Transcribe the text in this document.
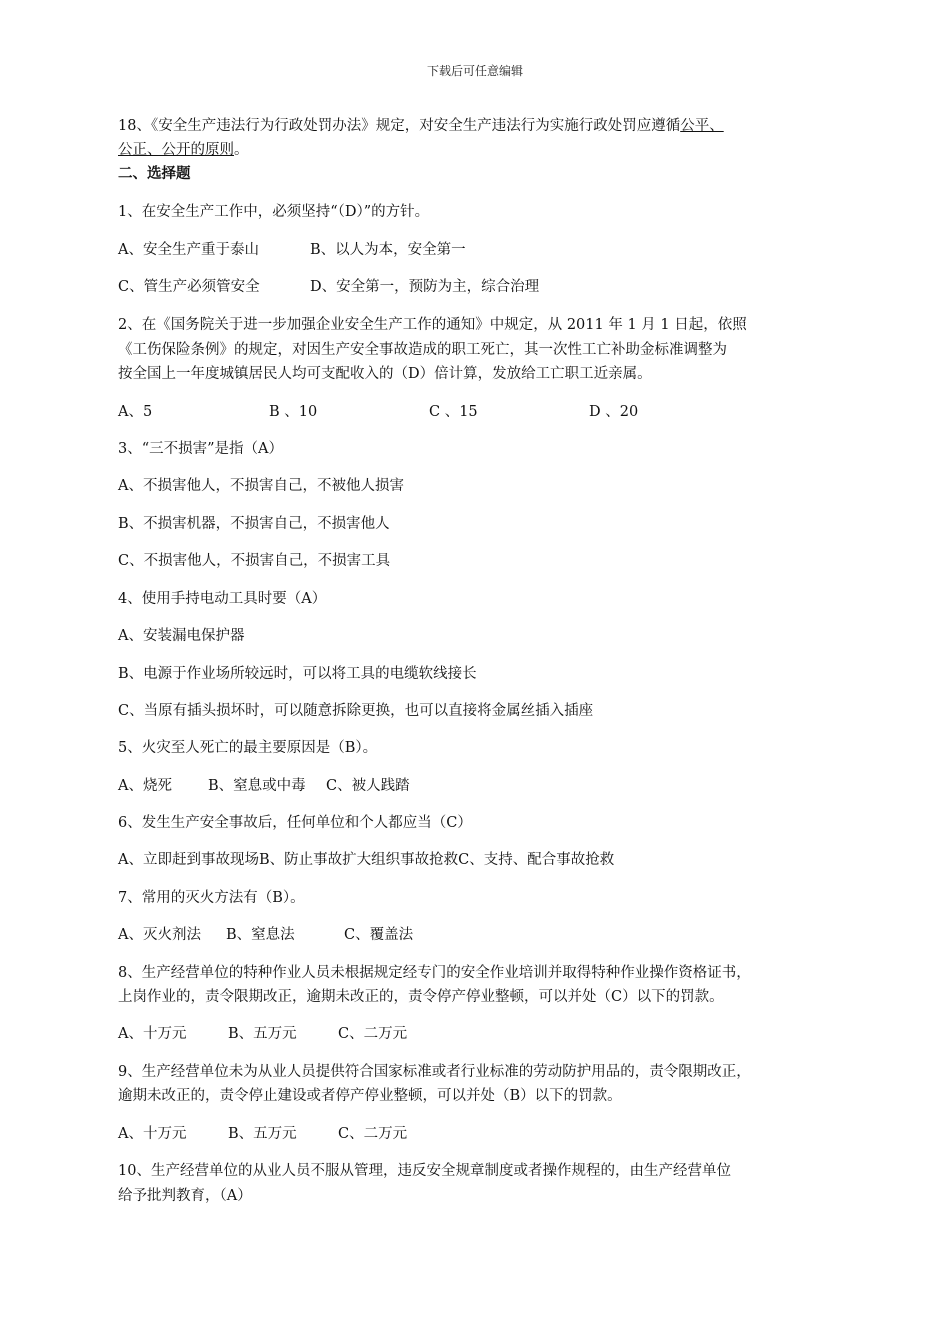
下载后可任意编辑
18、《安全生产违法行为行政处罚办法》规定，对安全生产违法行为实施行政处罚应遵循公平、
公正、公开的原则。
二、选择题
1、在安全生产工作中，必须坚持“（D）”的方针。
A、安全生产重于泰山	B、以人为本，安全第一
C、管生产必须管安全	D、安全第一，预防为主，综合治理
2、在《国务院关于进一步加强企业安全生产工作的通知》中规定，从 2011 年 1 月 1 日起，依照
《工伤保险条例》的规定，对因生产安全事故造成的职工死亡，其一次性工亡补助金标准调整为
按全国上一年度城镇居民人均可支配收入的（D）倍计算，发放给工亡职工近亲属。
A、5	B 、10	C 、15	D 、20
3、“三不损害”是指（A）
A、不损害他人，不损害自己，不被他人损害
B、不损害机器，不损害自己，不损害他人
C、不损害他人，不损害自己，不损害工具
4、使用手持电动工具时要（A）
A、安装漏电保护器
B、电源于作业场所较远时，可以将工具的电缆软线接长
C、当原有插头损坏时，可以随意拆除更换，也可以直接将金属丝插入插座
5、火灾至人死亡的最主要原因是（B）。
A、烧死 B、窒息或中毒 C、被人践踏
6、发生生产安全事故后，任何单位和个人都应当（C）
A、立即赶到事故现场B、防止事故扩大组织事故抢救C、支持、配合事故抢救
7、常用的灭火方法有（B）。
A、灭火剂法 B、窒息法	C、覆盖法
8、生产经营单位的特种作业人员未根据规定经专门的安全作业培训并取得特种作业操作资格证书，
上岗作业的，责令限期改正，逾期未改正的，责令停产停业整顿，可以并处（C）以下的罚款。
A、十万元	B、五万元	C、二万元
9、生产经营单位未为从业人员提供符合国家标准或者行业标准的劳动防护用品的，责令限期改正，
逾期未改正的，责令停止建设或者停产停业整顿，可以并处（B）以下的罚款。
A、十万元	B、五万元	C、二万元
10、生产经营单位的从业人员不服从管理，违反安全规章制度或者操作规程的，由生产经营单位
给予批判教育，（A）
